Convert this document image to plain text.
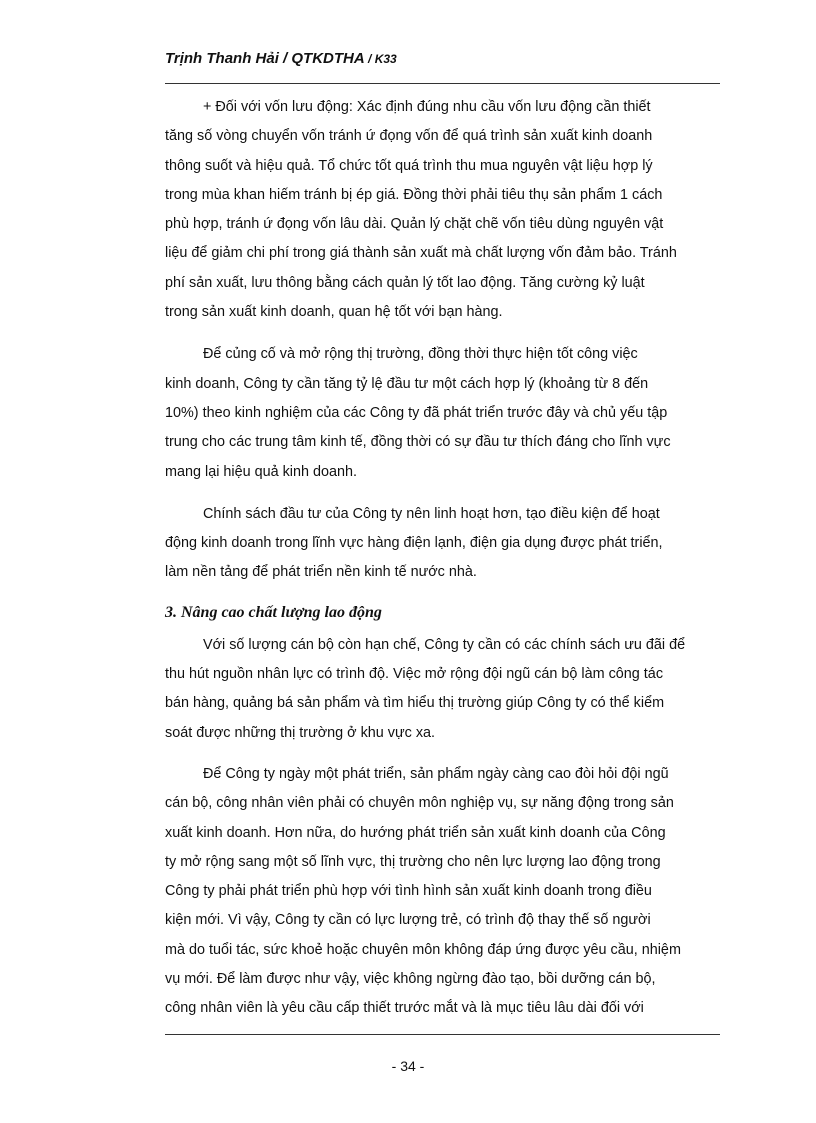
Trịnh Thanh Hải / QTKDTHA / K33
+ Đối với vốn lưu động: Xác định đúng nhu cầu vốn lưu động cần thiết
tăng số vòng chuyển vốn tránh ứ đọng vốn để quá trình sản xuất kinh doanh
thông suốt và hiệu quả. Tổ chức tốt quá trình thu mua nguyên vật liệu hợp lý
trong mùa khan hiếm tránh bị ép giá. Đồng thời phải tiêu thụ sản phẩm 1 cách
phù hợp, tránh ứ đọng vốn lâu dài. Quản lý chặt chẽ vốn tiêu dùng nguyên vật
liệu để giảm chi phí trong giá thành sản xuất mà chất lượng vốn đảm bảo. Tránh
phí sản xuất, lưu thông bằng cách quản lý tốt lao động. Tăng cường kỷ luật
trong sản xuất kinh doanh, quan hệ tốt với bạn hàng.
Để củng cố và mở rộng thị trường, đồng thời thực hiện tốt công việc
kinh doanh, Công ty cần tăng tỷ lệ đầu tư một cách hợp lý (khoảng từ 8 đến
10%) theo kinh nghiệm của các Công ty đã phát triển trước đây và chủ yếu tập
trung cho các trung tâm kinh tế, đồng thời có sự đầu tư thích đáng cho lĩnh vực
mang lại hiệu quả kinh doanh.
Chính sách đầu tư của Công ty nên linh hoạt hơn, tạo điều kiện để hoạt
động kinh doanh trong lĩnh vực hàng điện lạnh, điện gia dụng được phát triển,
làm nền tảng để phát triển nền kinh tế nước nhà.
3. Nâng cao chất lượng lao động
Với số lượng cán bộ còn hạn chế, Công ty cần có các chính sách ưu đãi để
thu hút nguồn nhân lực có trình độ. Việc mở rộng đội ngũ cán bộ làm công tác
bán hàng, quảng bá sản phẩm và tìm hiểu thị trường giúp Công ty có thể kiểm
soát được những thị trường ở khu vực xa.
Để Công ty ngày một phát triển, sản phẩm ngày càng cao đòi hỏi đội ngũ
cán bộ, công nhân viên phải có chuyên môn nghiệp vụ, sự năng động trong sản
xuất kinh doanh. Hơn nữa, do hướng phát triển sản xuất kinh doanh của Công
ty mở rộng sang một số lĩnh vực, thị trường cho nên lực lượng lao động trong
Công ty phải phát triển phù hợp với tình hình sản xuất kinh doanh trong điều
kiện mới. Vì vậy, Công ty cần có lực lượng trẻ, có trình độ thay thế số người
mà do tuổi tác, sức khoẻ hoặc chuyên môn không đáp ứng được yêu cầu, nhiệm
vụ mới. Để làm được như vậy, việc không ngừng đào tạo, bồi dưỡng cán bộ,
công nhân viên là yêu cầu cấp thiết trước mắt và là mục tiêu lâu dài đối với
- 34 -
